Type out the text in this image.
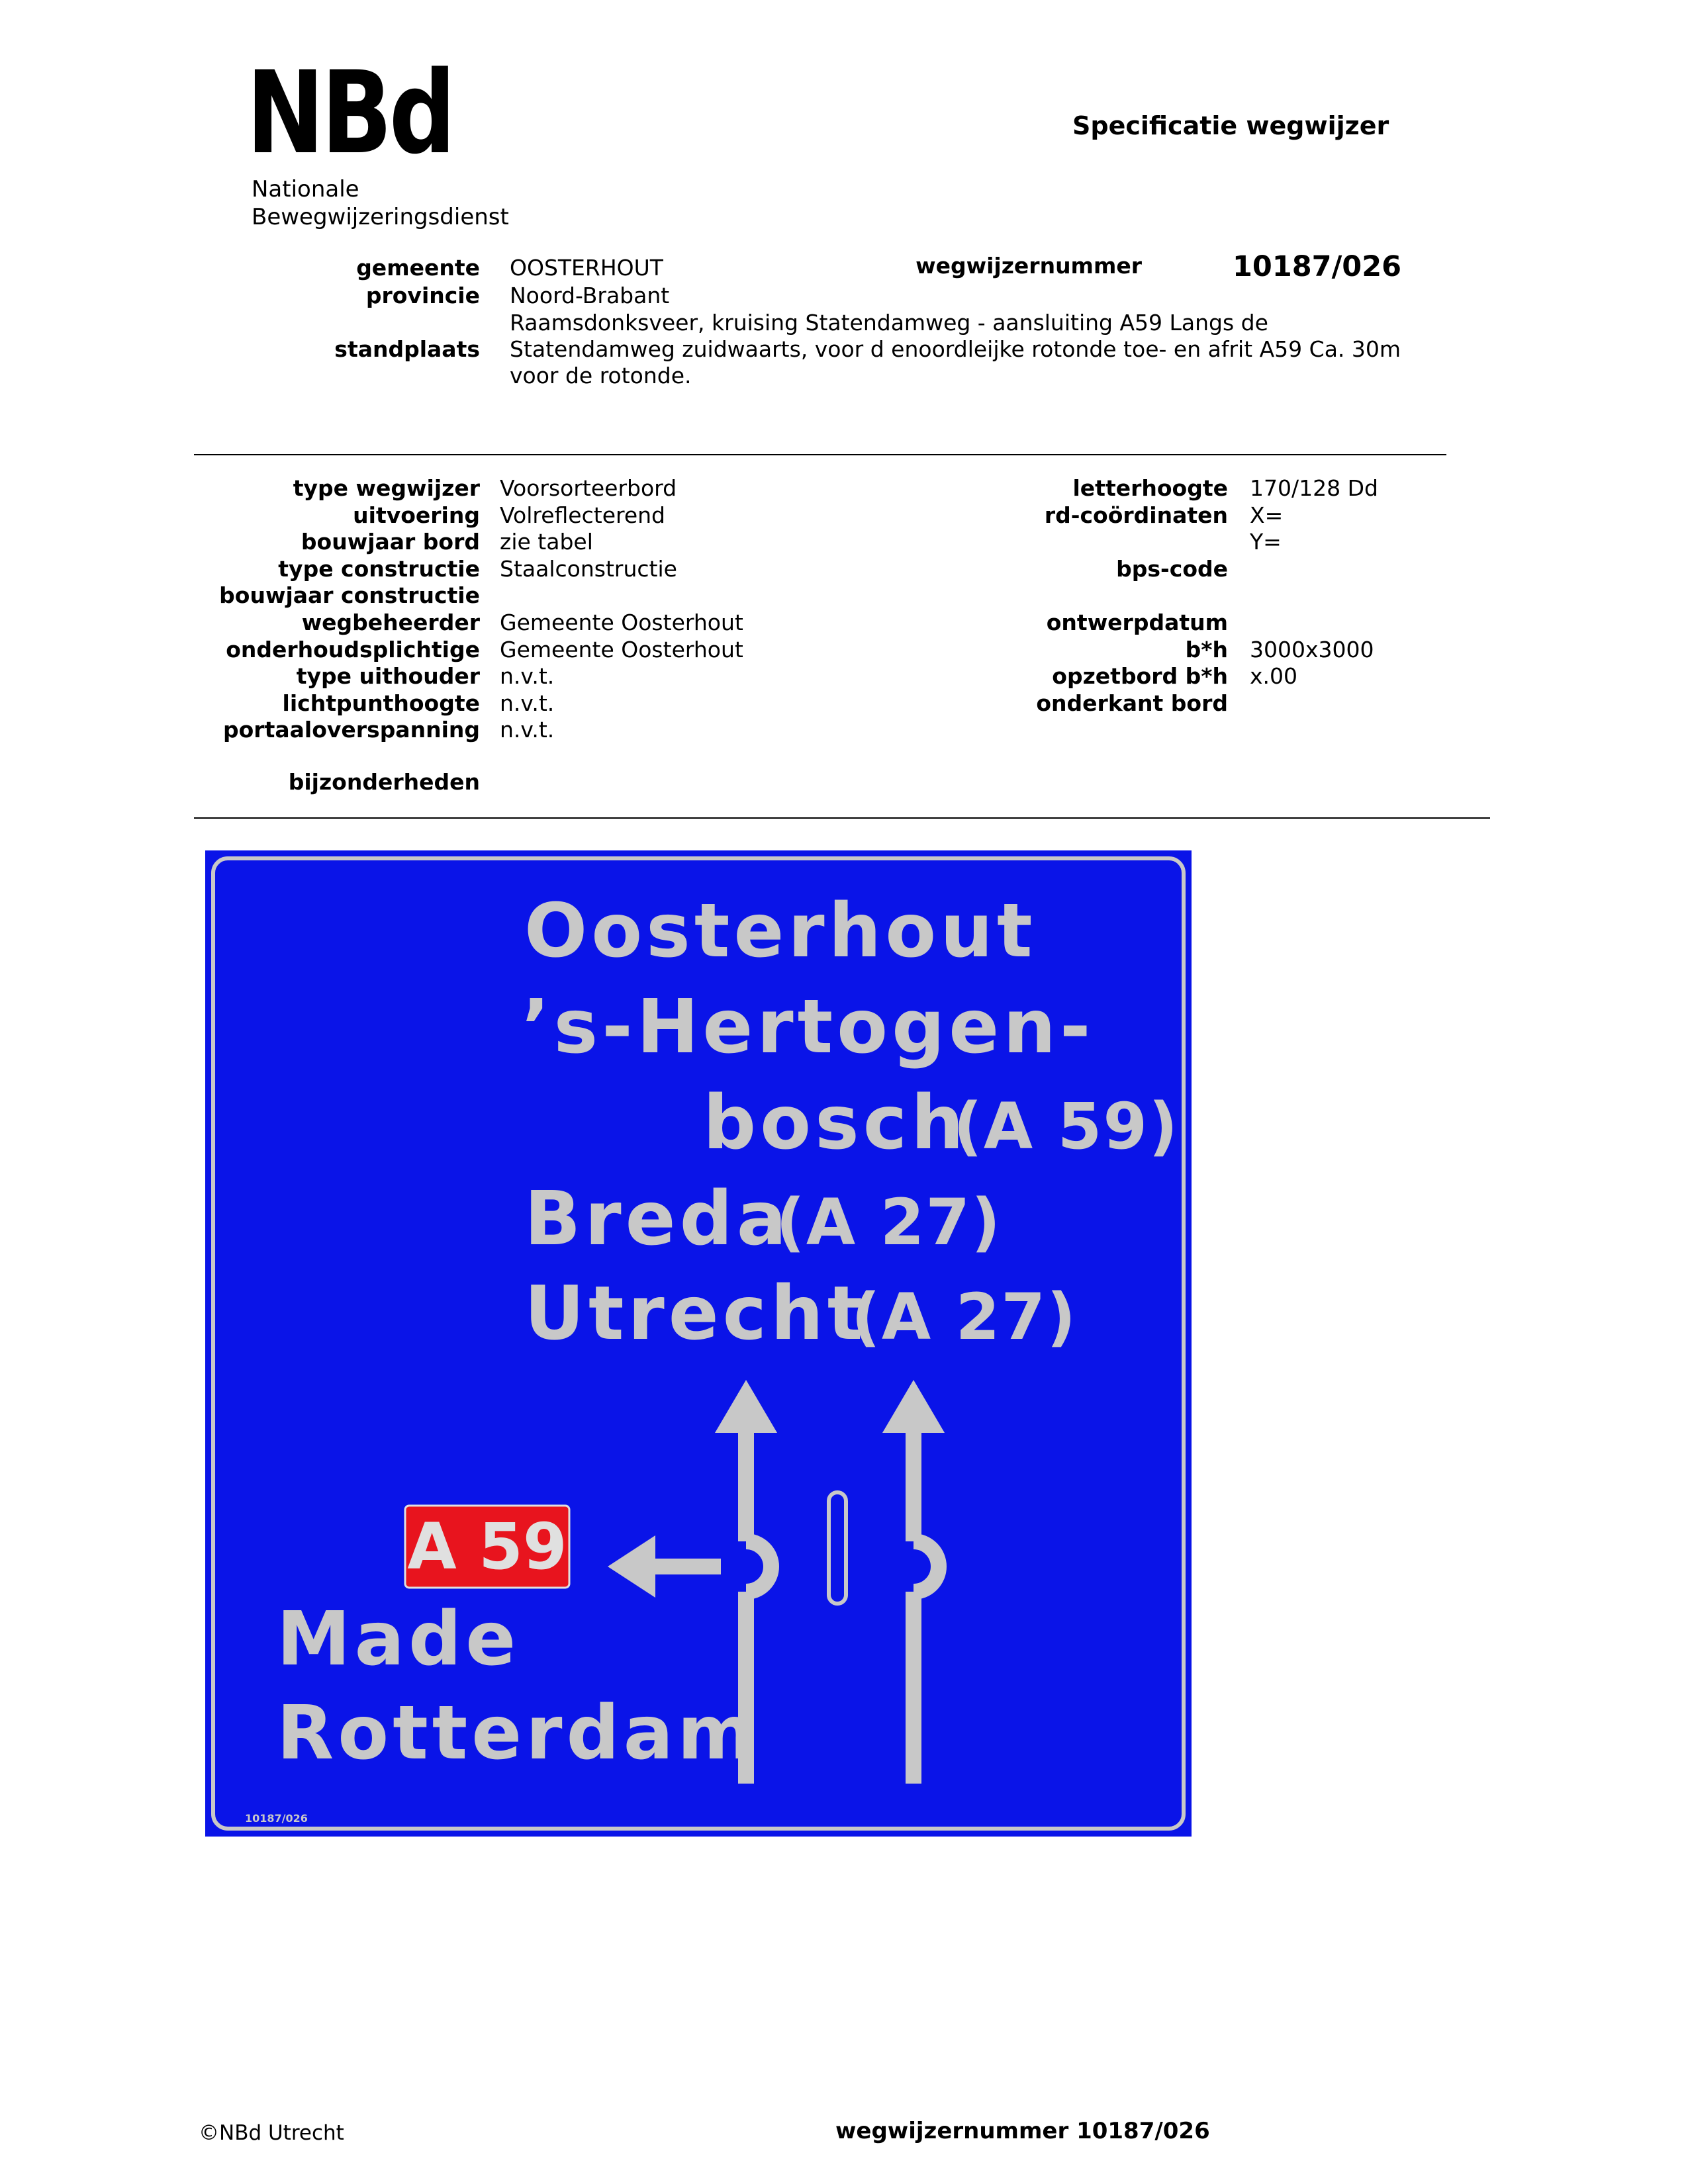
NBd
Nationale
Bewegwijzeringsdienst
Specificatie wegwijzer
gemeente OOSTERHOUT	wegwijzernummer	10187/026
provincie Noord-Brabant
standplaats
Raamsdonksveer, kruising Statendamweg - aansluiting A59 Langs de
Statendamweg zuidwaarts, voor d enoordleijke rotonde toe- en afrit A59 Ca. 30m
voor de rotonde.
type wegwijzer Voorsorteerbord
uitvoering Volreflecterend
bouwjaar bord zie tabel
type constructie Staalconstructie
bouwjaar constructie
wegbeheerder Gemeente Oosterhout
onderhoudsplichtige Gemeente Oosterhout
type uithouder n.v.t.
lichtpunthoogte n.v.t.
portaaloverspanning n.v.t.
letterhoogte 170/128 Dd
rd-coördinaten X=
Y=
bps-code
ontwerpdatum
b*h 3000x3000
opzetbord b*h x.00
onderkant bord
bijzonderheden
Oosterhout
’s-Hertogen-
bosch
(A 59)
Breda
(A 27)
Utrecht
(A 27)
Made
Rotterdam
A 59
10187/026
©NBd Utrecht	wegwijzernummer 10187/026
